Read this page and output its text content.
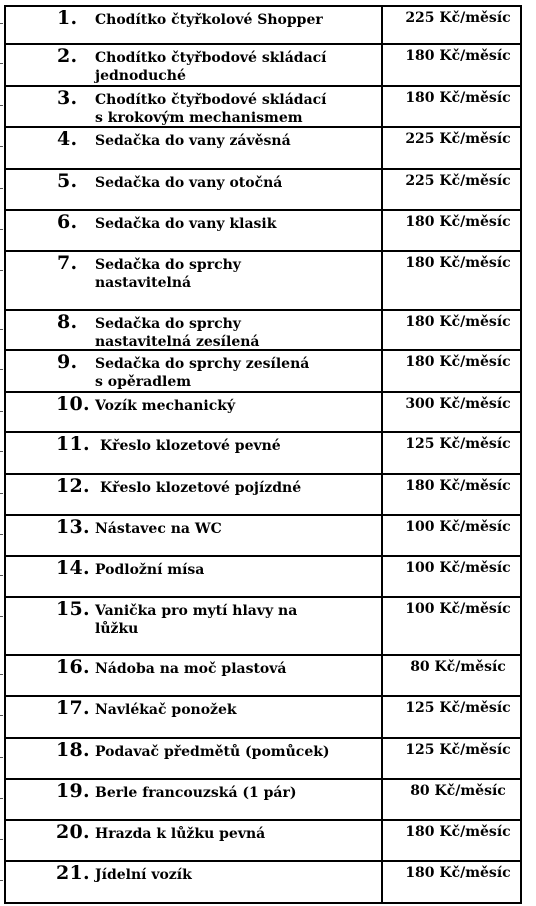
1. Chodítko čtyřkolové Shopper	225 Kč/měsíc
2. Chodítko čtyřbodové skládací
jednoduché
180 Kč/měsíc
3. Chodítko čtyřbodové skládací
s krokovým mechanismem
180 Kč/měsíc
4. Sedačka do vany závěsná	225 Kč/měsíc
5. Sedačka do vany otočná	225 Kč/měsíc
6. Sedačka do vany klasik	180 Kč/měsíc
7. Sedačka do sprchy
nastavitelná
180 Kč/měsíc
8. Sedačka do sprchy
nastavitelná zesílená
180 Kč/měsíc
9. Sedačka do sprchy zesílená
s opěradlem
180 Kč/měsíc
10. Vozík mechanický	300 Kč/měsíc
11. Křeslo klozetové pevné	125 Kč/měsíc
12. Křeslo klozetové pojízdné	180 Kč/měsíc
13. Nástavec na WC	100 Kč/měsíc
14. Podložní mísa	100 Kč/měsíc
15. Vanička pro mytí hlavy na
lůžku
100 Kč/měsíc
16. Nádoba na moč plastová	80 Kč/měsíc
17. Navlékač ponožek	125 Kč/měsíc
18. Podavač předmětů (pomůcek)	125 Kč/měsíc
19. Berle francouzská (1 pár)	80 Kč/měsíc
20. Hrazda k lůžku pevná	180 Kč/měsíc
21. Jídelní vozík	180 Kč/měsíc
